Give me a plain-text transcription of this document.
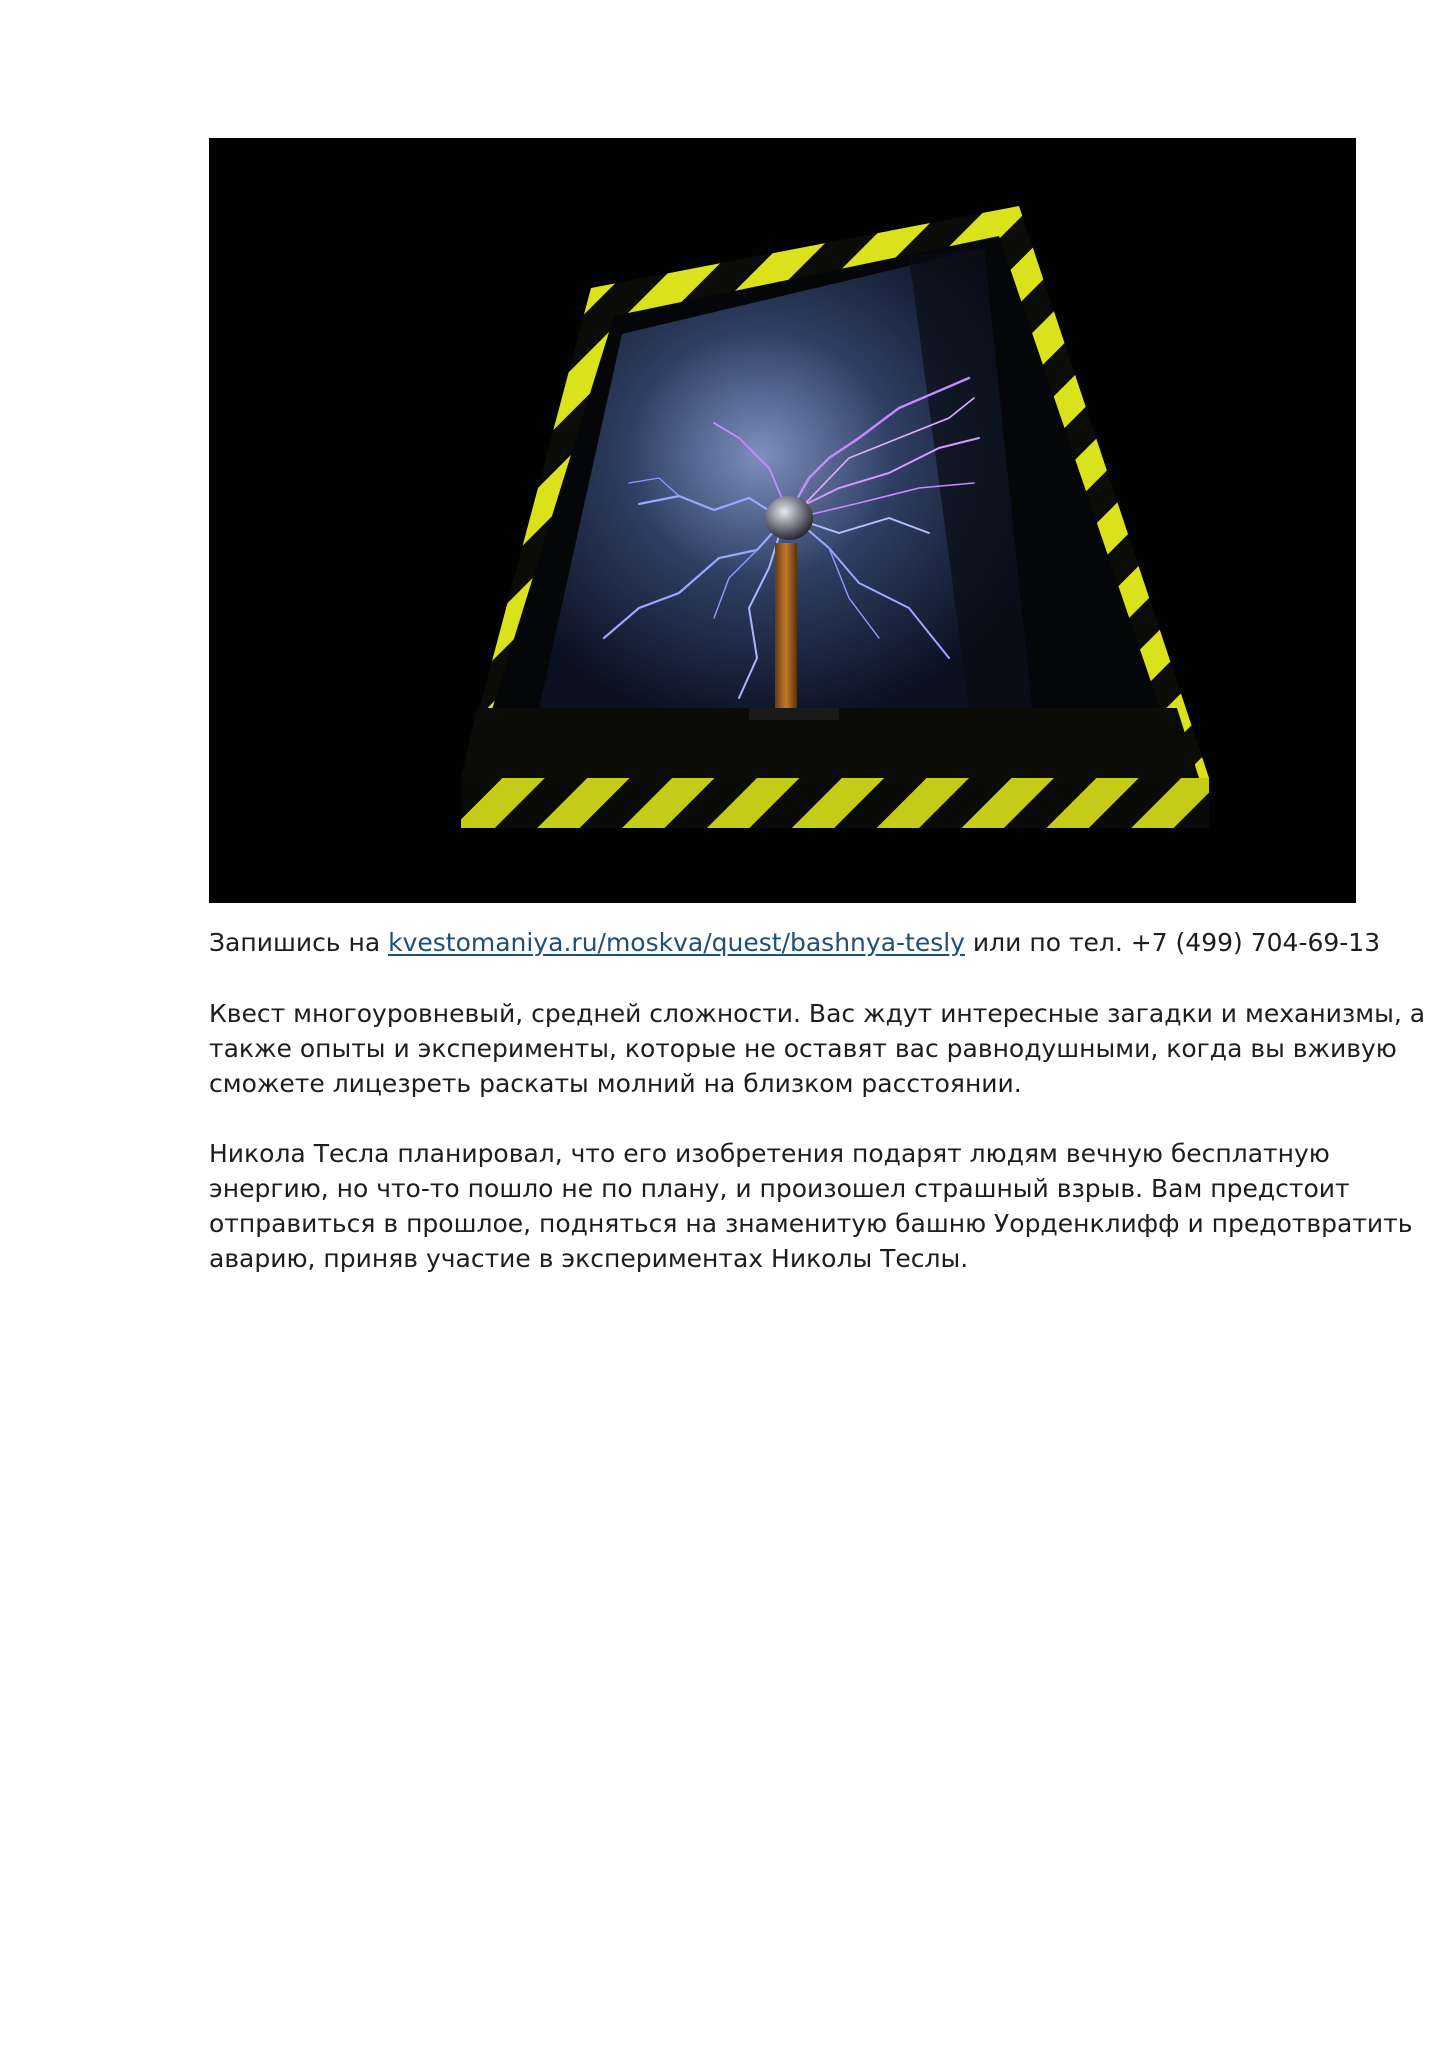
Запишись на kvestomaniya.ru/moskva/quest/bashnya-tesly или по тел. +7 (499) 704-69-13

Квест многоуровневый, средней сложности. Вас ждут интересные загадки и механизмы, а
также опыты и эксперименты, которые не оставят вас равнодушными, когда вы вживую
сможете лицезреть раскаты молний на близком расстоянии.

Никола Тесла планировал, что его изобретения подарят людям вечную бесплатную
энергию, но что-то пошло не по плану, и произошел страшный взрыв. Вам предстоит
отправиться в прошлое, подняться на знаменитую башню Уорденклифф и предотвратить
аварию, приняв участие в экспериментах Николы Теслы.
